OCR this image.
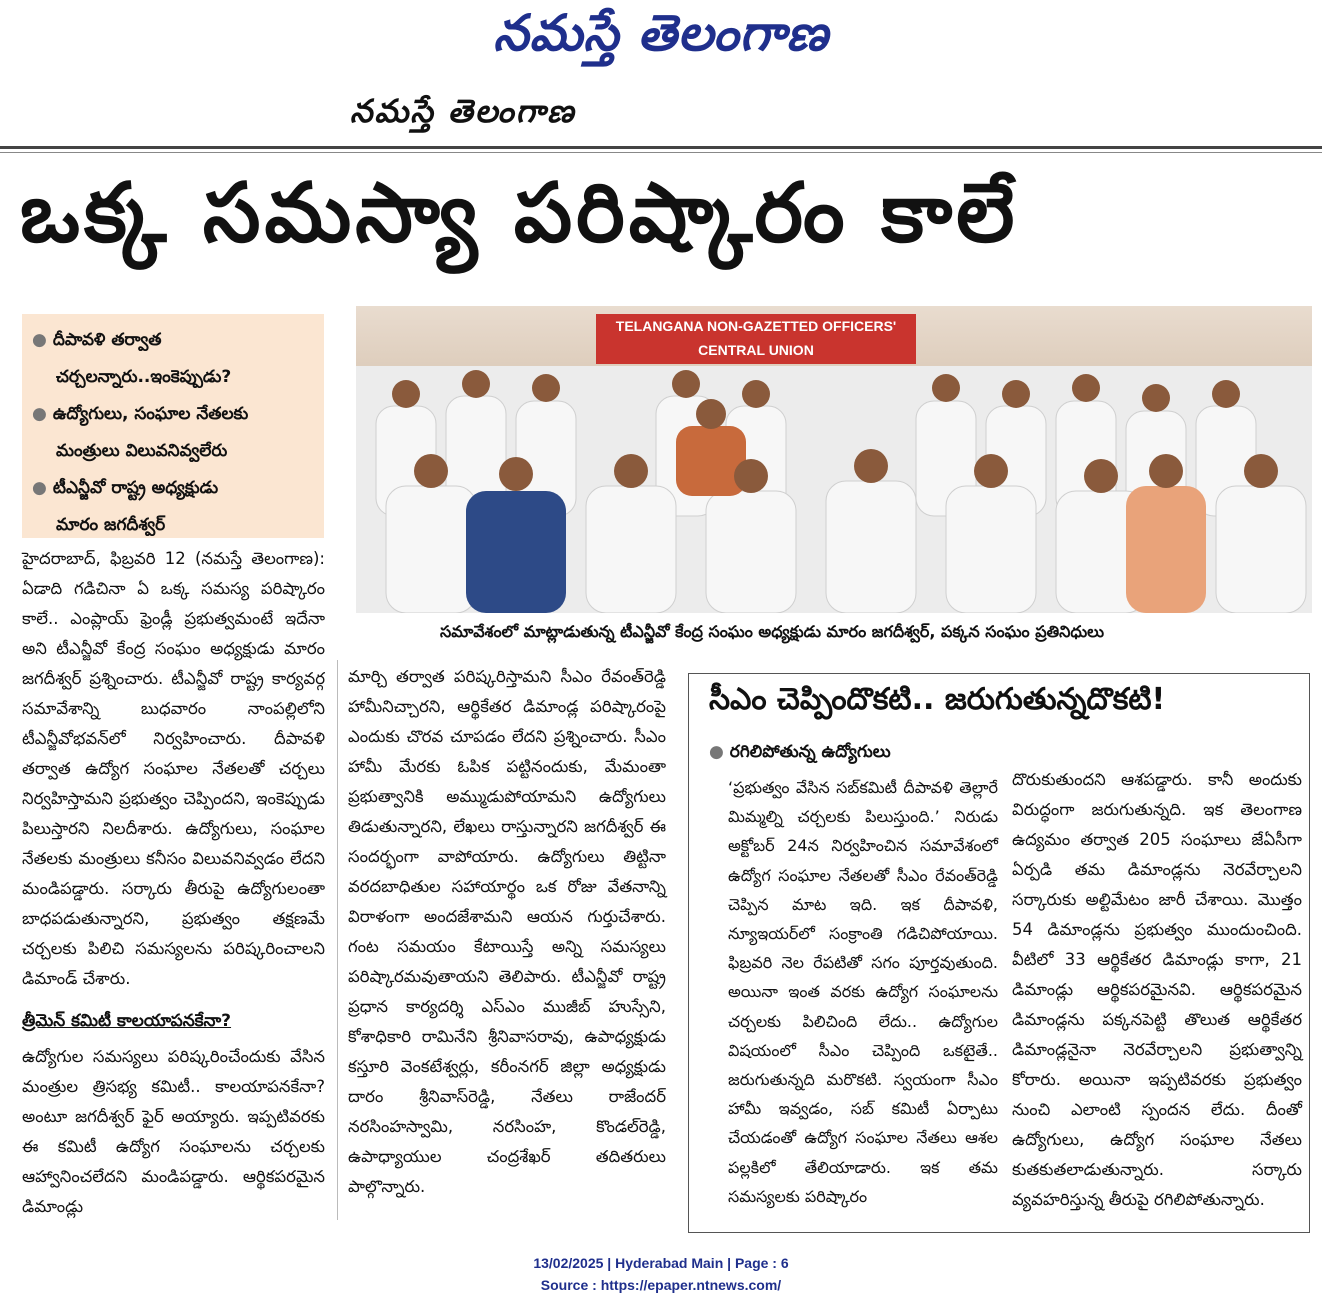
నమస్తే తెలంగాణ
నమస్తే తెలంగాణ
ఒక్క సమస్యా పరిష్కారం కాలే
● దీపావళి తర్వాత
చర్చలన్నారు..ఇంకెప్పుడు?
● ఉద్యోగులు, సంఘాల నేతలకు
మంత్రులు విలువనివ్వలేరు
● టీఎన్జీవో రాష్ట్ర అధ్యక్షుడు
మారం జగదీశ్వర్
TELANGANA NON-GAZETTED OFFICERS' CENTRAL UNION
సమావేశంలో మాట్లాడుతున్న టీఎన్జీవో కేంద్ర సంఘం అధ్యక్షుడు మారం జగదీశ్వర్, పక్కన సంఘం ప్రతినిధులు

హైదరాబాద్, ఫిబ్రవరి 12 (నమస్తే తెలంగాణ): ఏడాది గడిచినా ఏ ఒక్క సమస్య పరిష్కారం కాలే.. ఎంప్లాయ్ ఫ్రెండ్లీ ప్రభుత్వమంటే ఇదేనా అని టీఎన్జీవో కేంద్ర సంఘం అధ్యక్షుడు మారం జగదీశ్వర్ ప్రశ్నించారు. టీఎన్జీవో రాష్ట్ర కార్యవర్గ సమావేశాన్ని బుధవారం నాంపల్లిలోని టీఎన్జీవోభవన్‌లో నిర్వహించారు. దీపావళి తర్వాత ఉద్యోగ సంఘాల నేతలతో చర్చలు నిర్వహిస్తామని ప్రభుత్వం చెప్పిందని, ఇంకెప్పుడు పిలుస్తారని నిలదీశారు. ఉద్యోగులు, సంఘాల నేతలకు మంత్రులు కనీసం విలువనివ్వడం లేదని మండిపడ్డారు. సర్కారు తీరుపై ఉద్యోగులంతా బాధపడుతున్నారని, ప్రభుత్వం తక్షణమే చర్చలకు పిలిచి సమస్యలను పరిష్కరించాలని డిమాండ్ చేశారు.

త్రీమెన్ కమిటీ కాలయాపనకేనా?

ఉద్యోగుల సమస్యలు పరిష్కరించేందుకు వేసిన మంత్రుల త్రిసభ్య కమిటీ.. కాలయాపనకేనా? అంటూ జగదీశ్వర్ ఫైర్ అయ్యారు. ఇప్పటివరకు ఈ కమిటీ ఉద్యోగ సంఘాలను చర్చలకు ఆహ్వానించలేదని మండిపడ్డారు. ఆర్థికపరమైన డిమాండ్లు

మార్చి తర్వాత పరిష్కరిస్తామని సీఎం రేవంత్‌రెడ్డి హామీనిచ్చారని, ఆర్థికేతర డిమాండ్ల పరిష్కారంపై ఎందుకు చొరవ చూపడం లేదని ప్రశ్నించారు. సీఎం హామీ మేరకు ఓపిక పట్టినందుకు, మేమంతా ప్రభుత్వానికి అమ్ముడుపోయామని ఉద్యోగులు తిడుతున్నారని, లేఖలు రాస్తున్నారని జగదీశ్వర్ ఈ సందర్భంగా వాపోయారు. ఉద్యోగులు తిట్టినా వరదబాధితుల సహాయార్థం ఒక రోజు వేతనాన్ని విరాళంగా అందజేశామని ఆయన గుర్తుచేశారు. గంట సమయం కేటాయిస్తే అన్ని సమస్యలు పరిష్కారమవుతాయని తెలిపారు. టీఎన్జీవో రాష్ట్ర ప్రధాన కార్యదర్శి ఎస్‌ఎం ముజీబ్ హుస్సేని, కోశాధికారి రామినేని శ్రీనివాసరావు, ఉపాధ్యక్షుడు కస్తూరి వెంకటేశ్వర్లు, కరీంనగర్ జిల్లా అధ్యక్షుడు దారం శ్రీనివాస్‌రెడ్డి, నేతలు రాజేందర్ నరసింహస్వామి, నరసింహ, కొండల్‌రెడ్డి, ఉపాధ్యాయుల చంద్రశేఖర్ తదితరులు పాల్గొన్నారు.

సీఎం చెప్పిందొకటి.. జరుగుతున్నదొకటి!
● రగిలిపోతున్న ఉద్యోగులు

‘ప్రభుత్వం వేసిన సబ్‌కమిటీ దీపావళి తెల్లారే మిమ్మల్ని చర్చలకు పిలుస్తుంది.’ నిరుడు అక్టోబర్ 24న నిర్వహించిన సమావేశంలో ఉద్యోగ సంఘాల నేతలతో సీఎం రేవంత్‌రెడ్డి చెప్పిన మాట ఇది. ఇక దీపావళి, న్యూఇయర్‌లో సంక్రాంతి గడిచిపోయాయి. ఫిబ్రవరి నెల రేపటితో సగం పూర్తవుతుంది. అయినా ఇంత వరకు ఉద్యోగ సంఘాలను చర్చలకు పిలిచింది లేదు.. ఉద్యోగుల విషయంలో సీఎం చెప్పింది ఒకటైతే.. జరుగుతున్నది మరొకటి. స్వయంగా సీఎం హామీ ఇవ్వడం, సబ్ కమిటీ ఏర్పాటు చేయడంతో ఉద్యోగ సంఘాల నేతలు ఆశల పల్లకిలో తేలియాడారు. ఇక తమ సమస్యలకు పరిష్కారం

దొరుకుతుందని ఆశపడ్డారు. కానీ అందుకు విరుద్ధంగా జరుగుతున్నది. ఇక తెలంగాణ ఉద్యమం తర్వాత 205 సంఘాలు జేఏసీగా ఏర్పడి తమ డిమాండ్లను నెరవేర్చాలని సర్కారుకు అల్టిమేటం జారీ చేశాయి. మొత్తం 54 డిమాండ్లను ప్రభుత్వం ముందుంచింది. వీటిలో 33 ఆర్థికేతర డిమాండ్లు కాగా, 21 డిమాండ్లు ఆర్థికపరమైనవి. ఆర్థికపరమైన డిమాండ్లను పక్కనపెట్టి తొలుత ఆర్థికేతర డిమాండ్లనైనా నెరవేర్చాలని ప్రభుత్వాన్ని కోరారు. అయినా ఇప్పటివరకు ప్రభుత్వం నుంచి ఎలాంటి స్పందన లేదు. దీంతో ఉద్యోగులు, ఉద్యోగ సంఘాల నేతలు కుతకుతలాడుతున్నారు. సర్కారు వ్యవహరిస్తున్న తీరుపై రగిలిపోతున్నారు.

13/02/2025 | Hyderabad Main | Page : 6
Source : https://epaper.ntnews.com/
